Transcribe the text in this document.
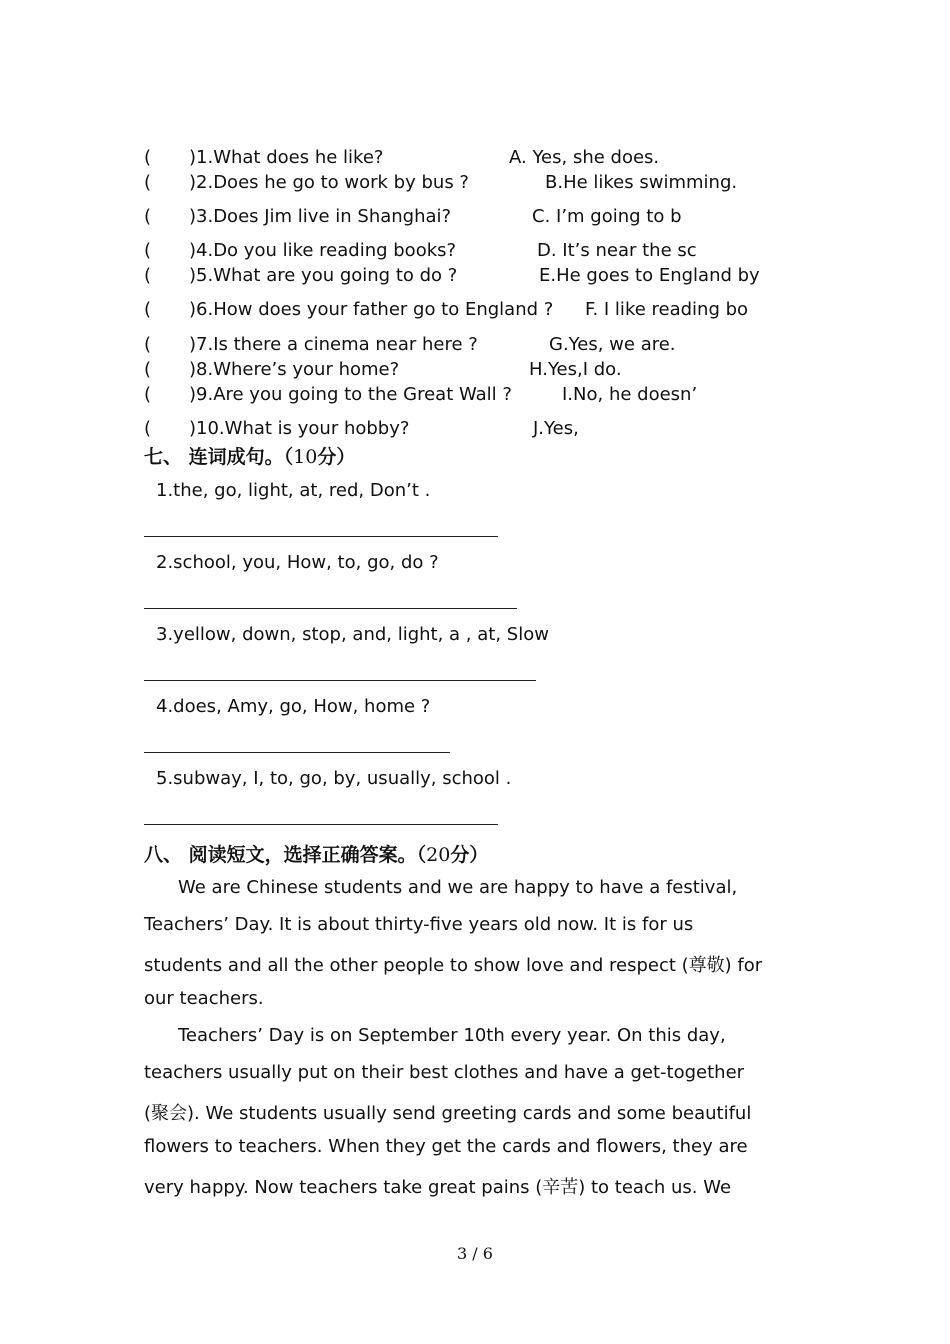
( )1.What does he like?	A. Yes, she does.
( )2.Does he go to work by bus ?	B.He likes swimming.
( )3.Does Jim live in Shanghai?	C. I’m going to b
( )4.Do you like reading books?	D. It’s near the sc
( )5.What are you going to do ?	E.He goes to England by
( )6.How does your father go to England ? F. I like reading bo
( )7.Is there a cinema near here ?	G.Yes, we are.
( )8.Where’s your home?	H.Yes,I do.
( )9.Are you going to the Great Wall ?	I.No, he doesn’
( )10.What is your hobby?	J.Yes,
七、 连词成句。（10分）
1.the, go, light, at, red, Don’t .
2.school, you, How, to, go, do ?
3.yellow, down, stop, and, light, a , at, Slow
4.does, Amy, go, How, home ?
5.subway, I, to, go, by, usually, school .
八、 阅读短文，选择正确答案。（20分）
We are Chinese students and we are happy to have a festival,
Teachers’ Day. It is about thirty-five years old now. It is for us
students and all the other people to show love and respect (尊敬) for
our teachers.
Teachers’ Day is on September 10th every year. On this day,
teachers usually put on their best clothes and have a get-together
(聚会). We students usually send greeting cards and some beautiful
flowers to teachers. When they get the cards and flowers, they are
very happy. Now teachers take great pains (辛苦) to teach us. We
3 / 6
